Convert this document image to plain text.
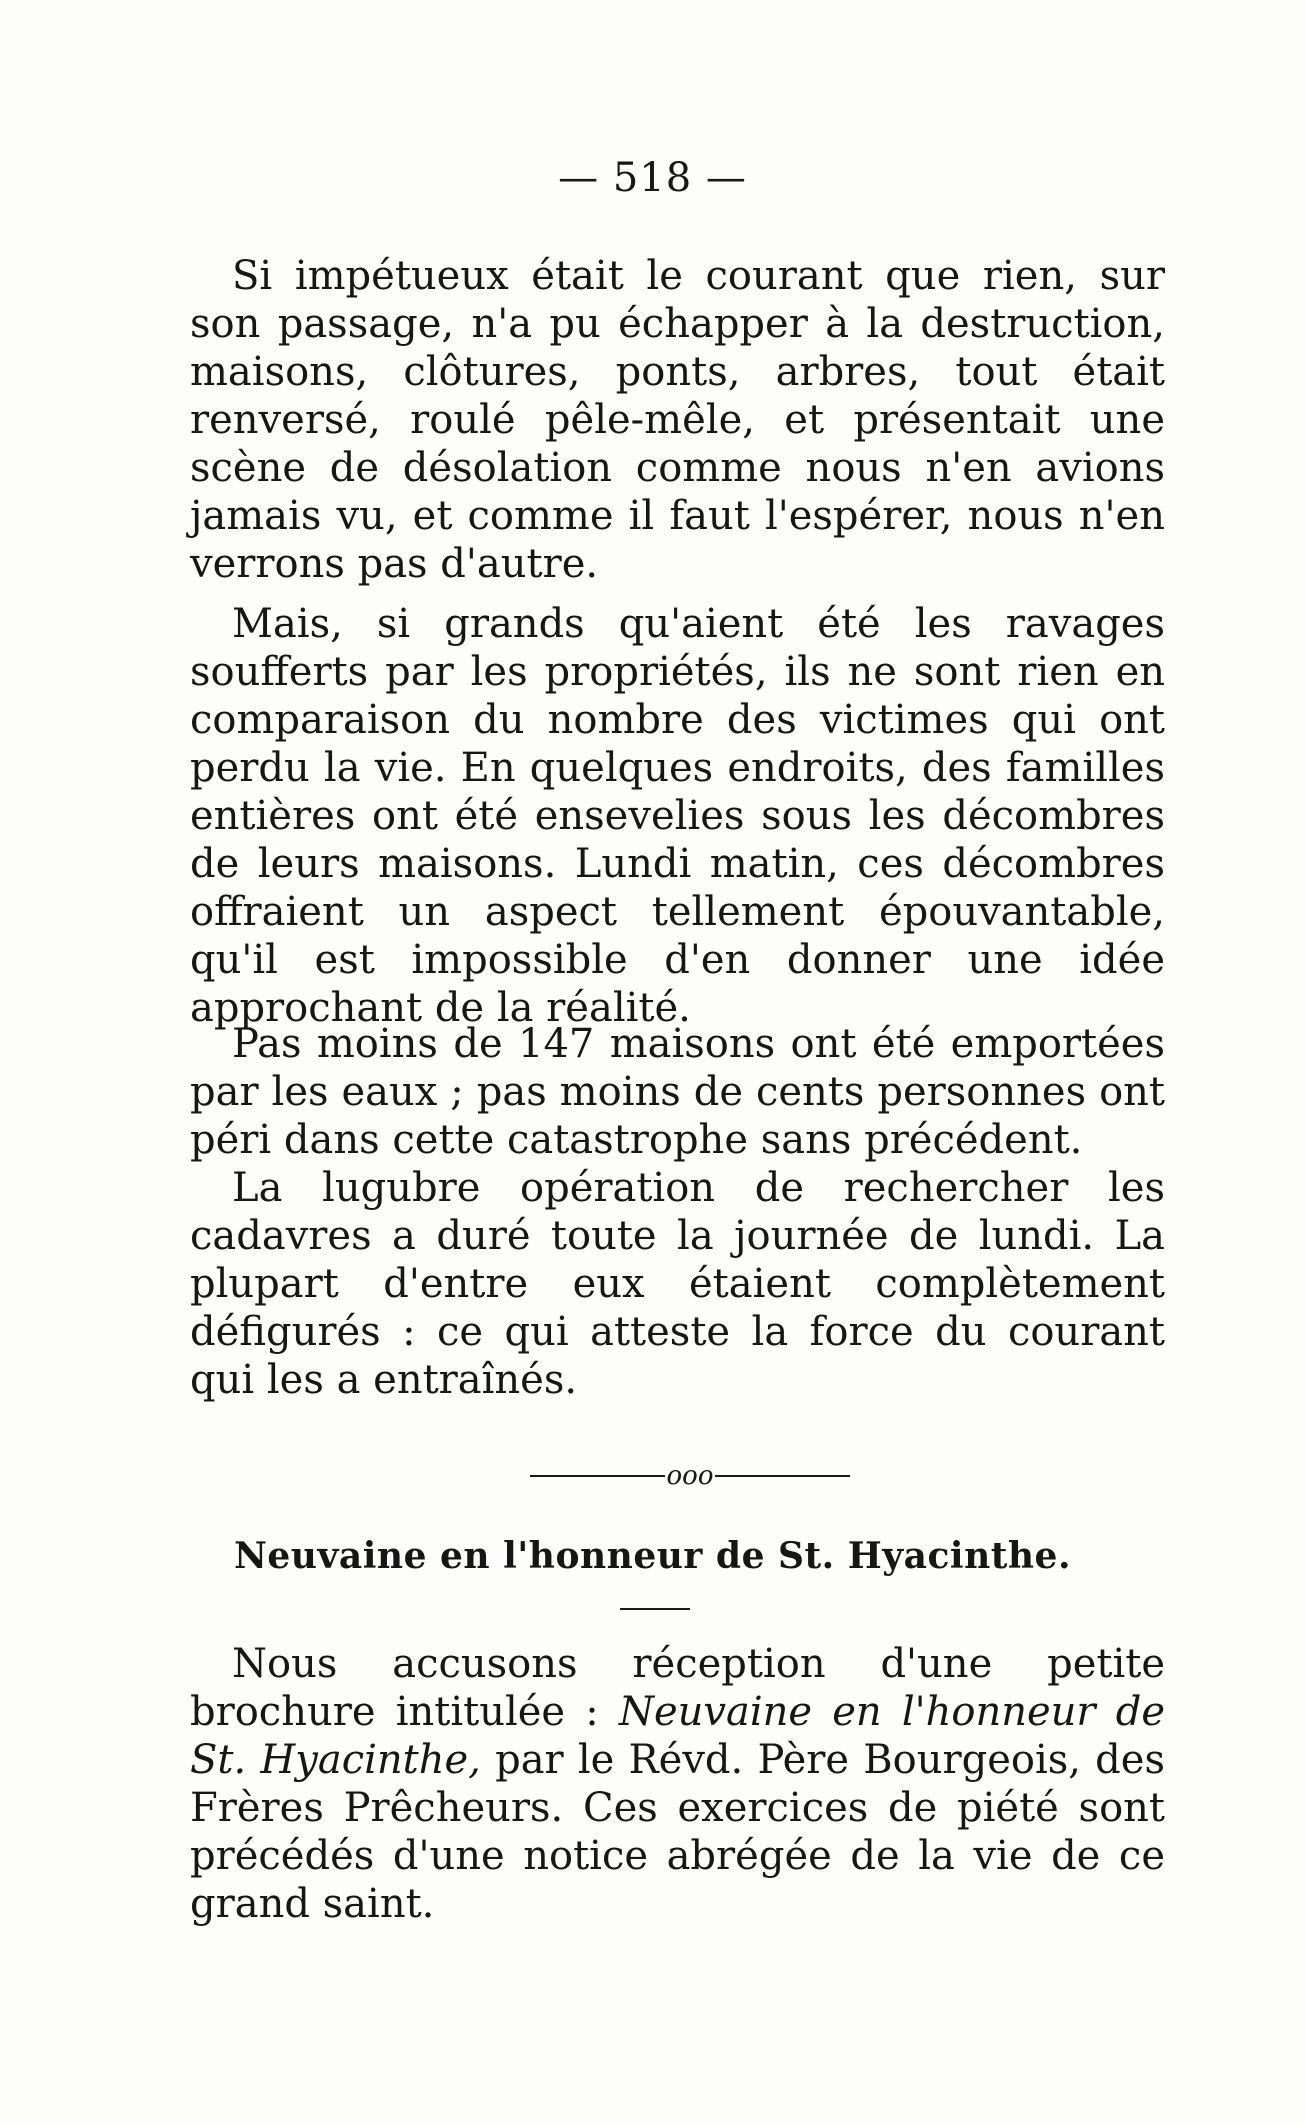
— 518 —

Si impétueux était le courant que rien, sur son passage, n'a pu échapper à la destruction, maisons, clôtures, ponts, arbres, tout était renversé, roulé pêle-mêle, et présentait une scène de désolation comme nous n'en avions jamais vu, et comme il faut l'espérer, nous n'en verrons pas d'autre.

Mais, si grands qu'aient été les ravages soufferts par les propriétés, ils ne sont rien en comparaison du nombre des victimes qui ont perdu la vie. En quelques endroits, des familles entières ont été ensevelies sous les décombres de leurs maisons. Lundi matin, ces décombres offraient un aspect tellement épouvantable, qu'il est impossible d'en donner une idée approchant de la réalité.

Pas moins de 147 maisons ont été emportées par les eaux ; pas moins de cents personnes ont péri dans cette catastrophe sans précédent.

La lugubre opération de rechercher les cadavres a duré toute la journée de lundi. La plupart d'entre eux étaient complètement défigurés : ce qui atteste la force du courant qui les a entraînés.

ooo
Neuvaine en l'honneur de St. Hyacinthe.

Nous accusons réception d'une petite brochure intitulée : Neuvaine en l'honneur de St. Hyacinthe, par le Révd. Père Bourgeois, des Frères Prêcheurs. Ces exercices de piété sont précédés d'une notice abrégée de la vie de ce grand saint.
